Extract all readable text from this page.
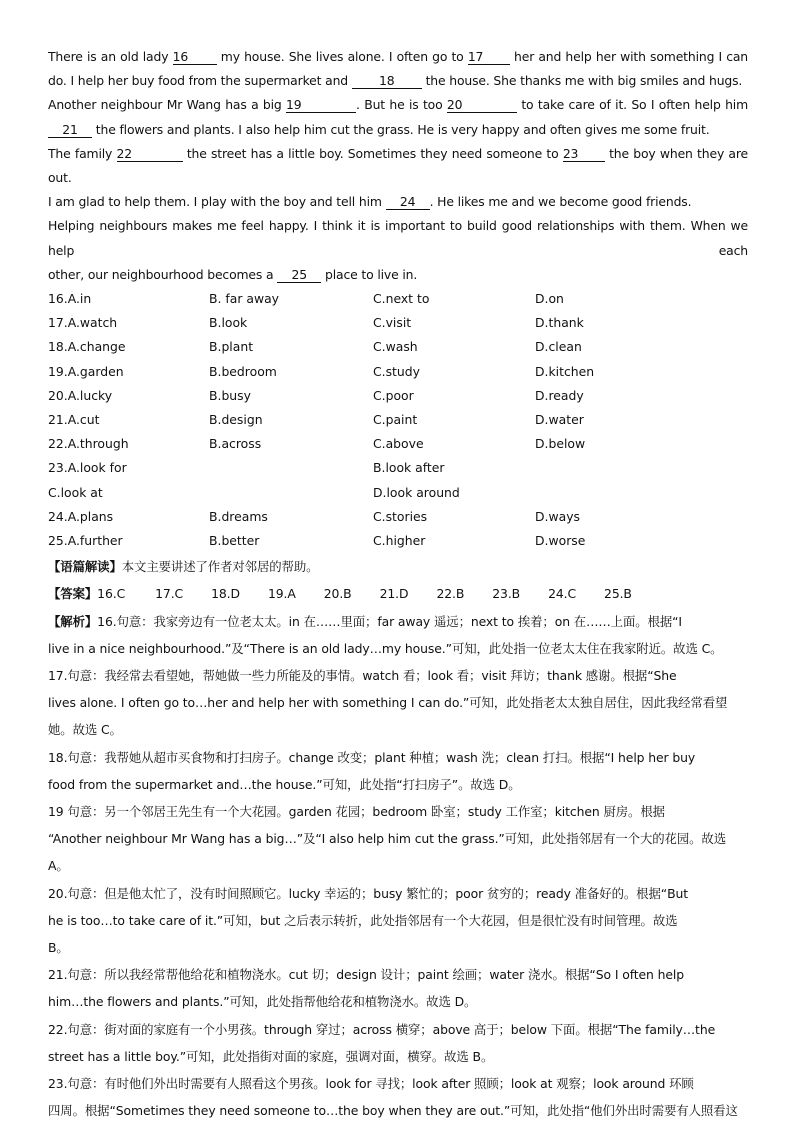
There is an old lady 16 my house. She lives alone. I often go to 17 her and help her with something I can
do. I help her buy food from the supermarket and 18 the house. She thanks me with big smiles and hugs.
Another neighbour Mr Wang has a big 19	. But he is too 20	to take care of it. So I often help him
21 the flowers and plants. I also help him cut the grass. He is very happy and often gives me some fruit.
The family 22	the street has a little boy. Sometimes they need someone to 23 the boy when they are out.
I am glad to help them. I play with the boy and tell him 24 . He likes me and we become good friends.
Helping neighbours makes me feel happy. I think it is important to build good relationships with them. When we help each
other, our neighbourhood becomes a 25 place to live in.
16.A.in	B. far away	C.next to	D.on
17.A.watch	B.look	C.visit	D.thank
18.A.change	B.plant	C.wash	D.clean
19.A.garden	B.bedroom	C.study	D.kitchen
20.A.lucky	B.busy	C.poor	D.ready
21.A.cut	B.design	C.paint	D.water
22.A.through	B.across	C.above	D.below
23.A.look for	B.look after
C.look at	D.look around
24.A.plans	B.dreams	C.stories	D.ways
25.A.further	B.better	C.higher	D.worse
【语篇解读】本文主要讲述了作者对邻居的帮助。
【答案】16.C 17.C 18.D 19.A 20.B 21.D 22.B 23.B 24.C 25.B
【解析】16.句意：我家旁边有一位老太太。in 在……里面；far away 遥远；next to 挨着；on 在……上面。根据“I
live in a nice neighbourhood.”及“There is an old lady…my house.”可知，此处指一位老太太住在我家附近。故选 C。
17.句意：我经常去看望她，帮她做一些力所能及的事情。watch 看；look 看；visit 拜访；thank 感谢。根据“She
lives alone. I often go to…her and help her with something I can do.”可知，此处指老太太独自居住，因此我经常看望
她。故选 C。
18.句意：我帮她从超市买食物和打扫房子。change 改变；plant 种植；wash 洗；clean 打扫。根据“I help her buy
food from the supermarket and…the house.”可知，此处指“打扫房子”。故选 D。
19 句意：另一个邻居王先生有一个大花园。garden 花园；bedroom 卧室；study 工作室；kitchen 厨房。根据
“Another neighbour Mr Wang has a big…”及“I also help him cut the grass.”可知，此处指邻居有一个大的花园。故选
A。
20.句意：但是他太忙了，没有时间照顾它。lucky 幸运的；busy 繁忙的；poor 贫穷的；ready 准备好的。根据“But
he is too…to take care of it.”可知，but 之后表示转折，此处指邻居有一个大花园，但是很忙没有时间管理。故选
B。
21.句意：所以我经常帮他给花和植物浇水。cut 切；design 设计；paint 绘画；water 浇水。根据“So I often help
him…the flowers and plants.”可知，此处指帮他给花和植物浇水。故选 D。
22.句意：街对面的家庭有一个小男孩。through 穿过；across 横穿；above 高于；below 下面。根据“The family…the
street has a little boy.”可知，此处指街对面的家庭，强调对面，横穿。故选 B。
23.句意：有时他们外出时需要有人照看这个男孩。look for 寻找；look after 照顾；look at 观察；look around 环顾
四周。根据“Sometimes they need someone to…the boy when they are out.”可知，此处指“他们外出时需要有人照看这
